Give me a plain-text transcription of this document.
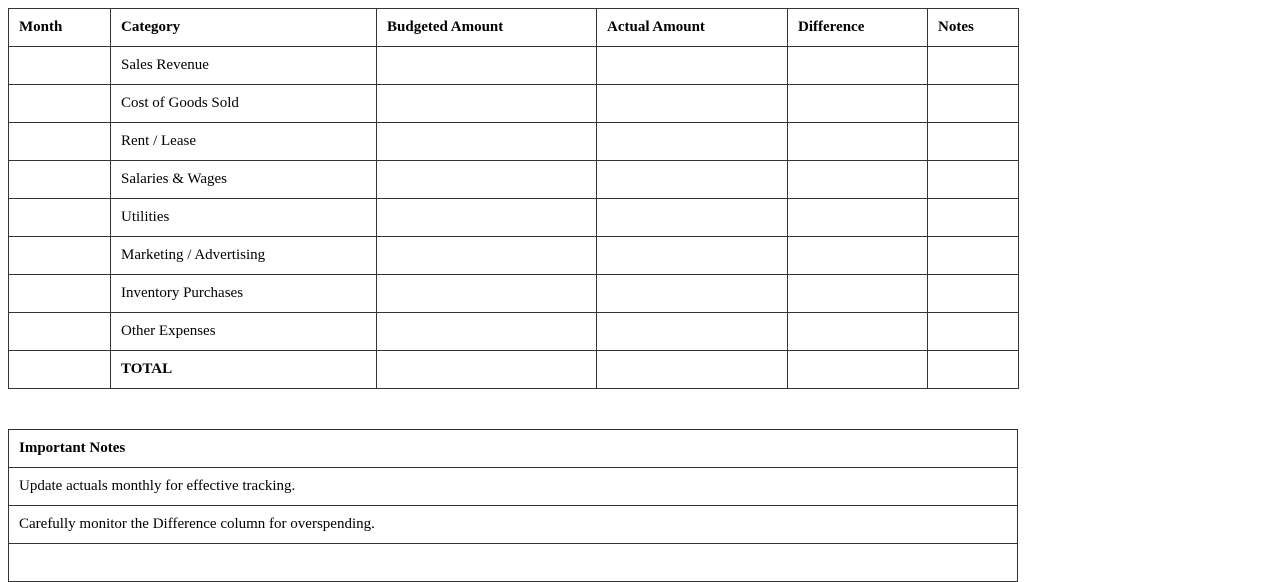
Month	Category	Budgeted Amount	Actual Amount	Difference	Notes
	Sales Revenue				
	Cost of Goods Sold				
	Rent / Lease				
	Salaries & Wages				
	Utilities				
	Marketing / Advertising				
	Inventory Purchases				
	Other Expenses				
	TOTAL				
Important Notes
Update actuals monthly for effective tracking.
Carefully monitor the Difference column for overspending.
